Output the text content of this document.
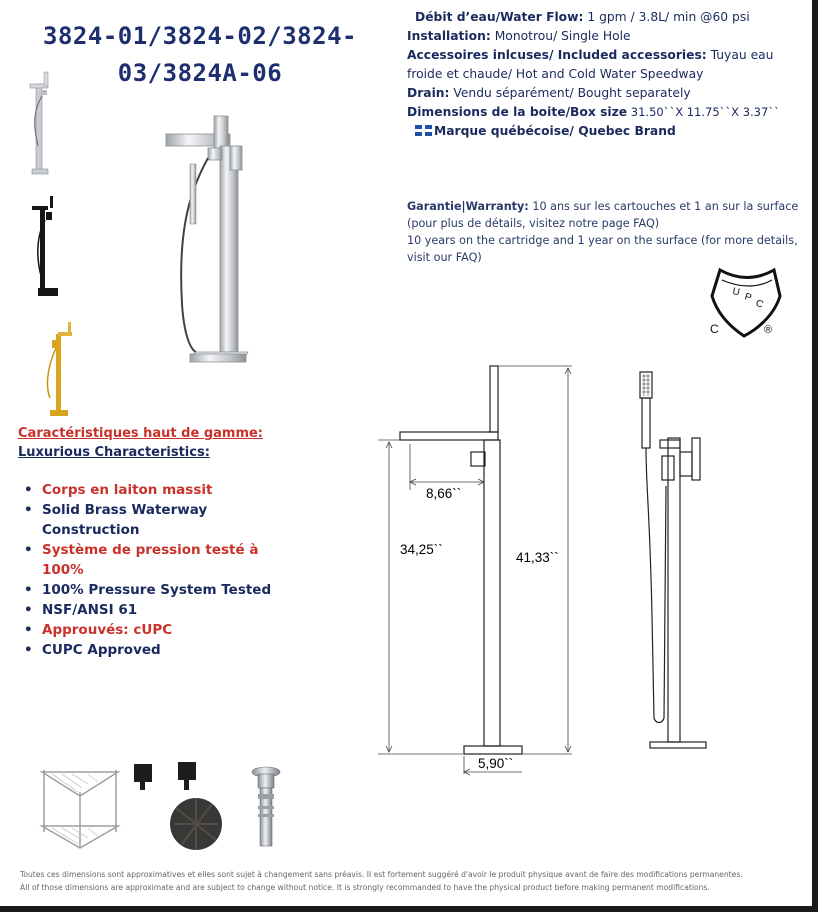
3824-01/3824-02/3824-
03/3824A-06
Débit d’eau/Water Flow: 1 gpm / 3.8L/ min @60 psi
Installation: Monotrou/ Single Hole
Accessoires inlcuses/ Included accessories: Tuyau eau froide et chaude/ Hot and Cold Water Speedway
Drain: Vendu séparément/ Bought separately
Dimensions de la boite/Box size 31.50``X 11.75``X 3.37``
Marque québécoise/ Quebec Brand
Garantie|Warranty: 10 ans sur les cartouches et 1 an sur la surface (pour plus de détails, visitez notre page FAQ)
10 years on the cartridge and 1 year on the surface (for more details, visit our FAQ)
U P
C
C	®
Caractéristiques haut de gamme:
Luxurious Characteristics:
• Corps en laiton massit
• Solid Brass Waterway Construction
• Système de pression testé à 100%
• 100% Pressure System Tested
• NSF/ANSI 61
• Approuvés: cUPC
• CUPC Approved
8,66``
34,25``
41,33``
5,90``
Toutes ces dimensions sont approximatives et elles sont sujet à changement sans préavis. Il est fortement suggéré d'avoir le produit physique avant de faire des modifications permanentes.
All of those dimensions are approximate and are subject to change without notice. It is strongly recommanded to have the physical product before making permanent modifications.
